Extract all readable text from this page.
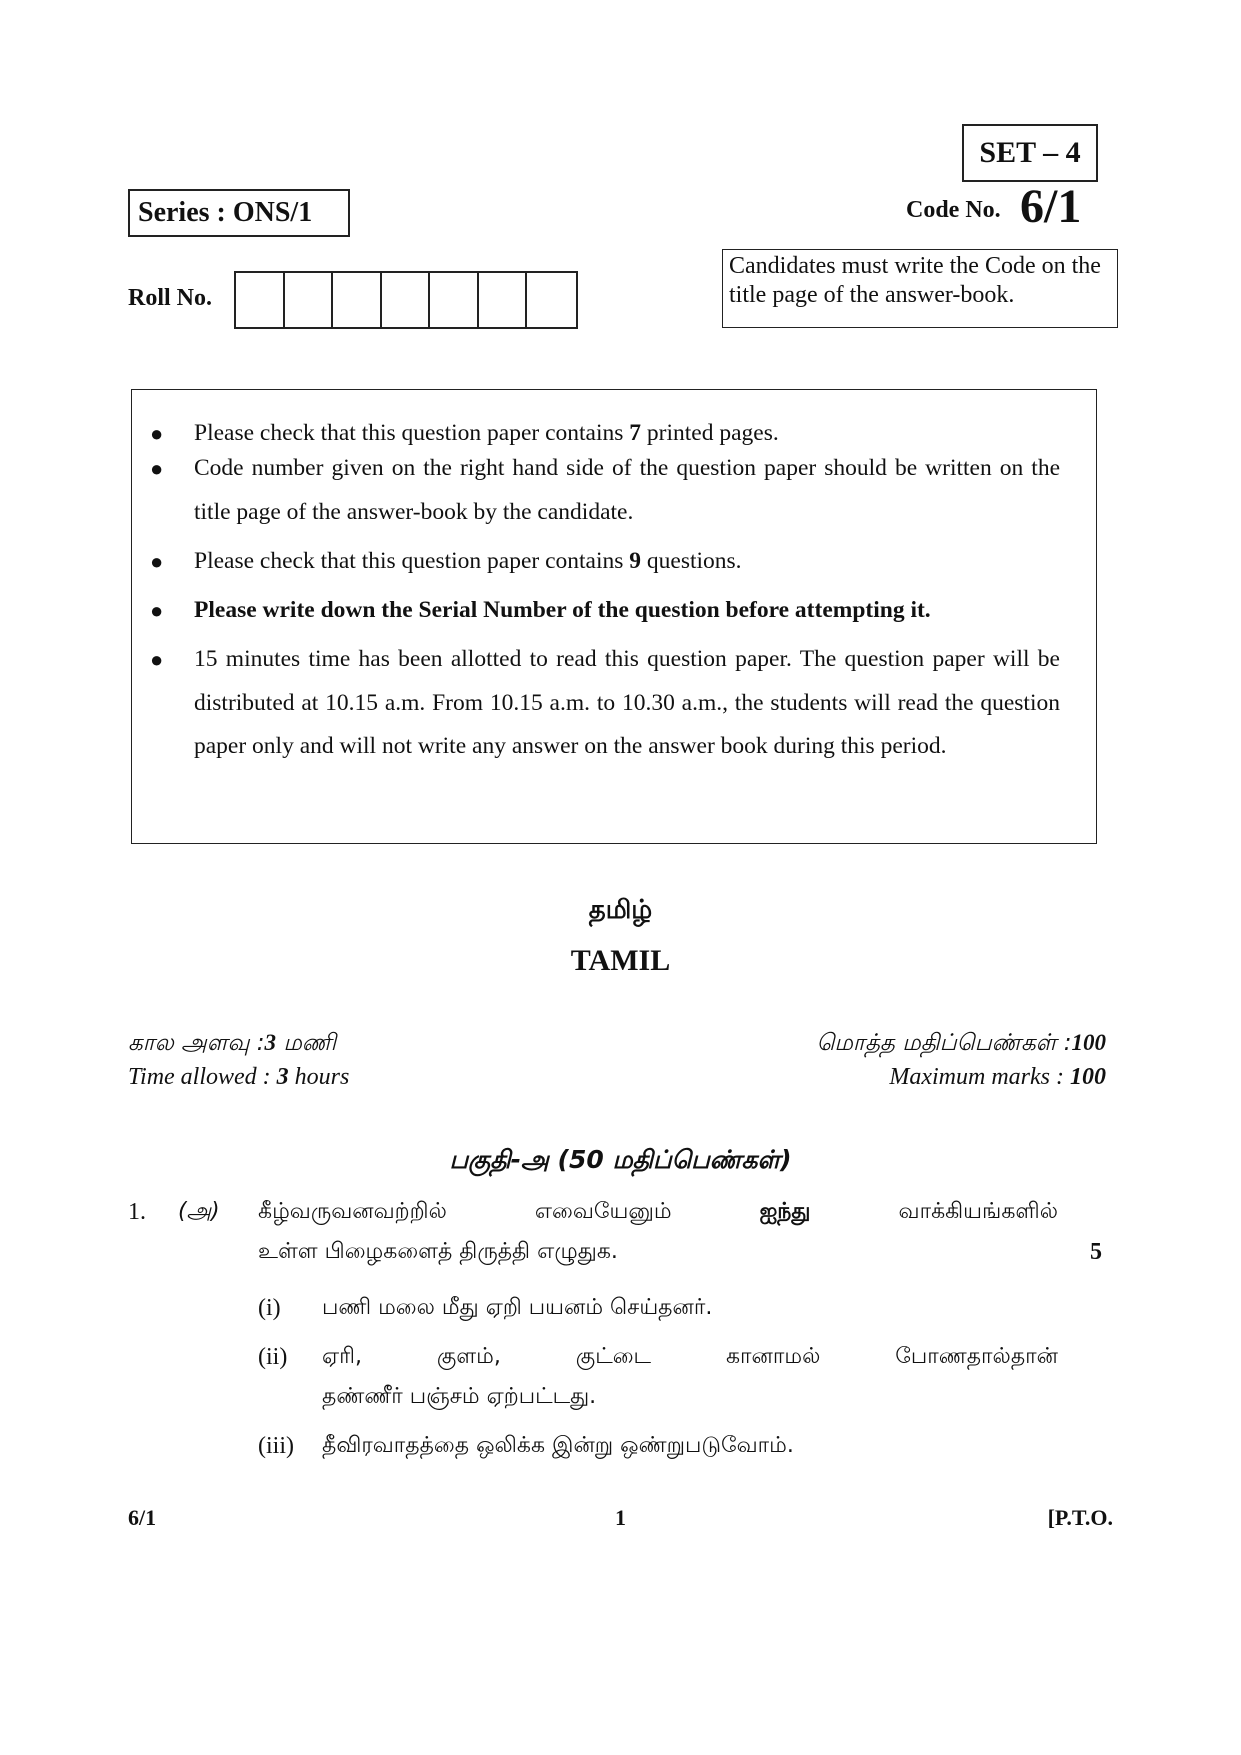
SET – 4
Series : ONS/1	Code No. 6/1
Roll No.
Candidates must write the Code on the title page of the answer-book.
● Please check that this question paper contains 7 printed pages.
● Code number given on the right hand side of the question paper should be written on the title page of the answer-book by the candidate.
● Please check that this question paper contains 9 questions.
● Please write down the Serial Number of the question before attempting it.
● 15 minutes time has been allotted to read this question paper. The question paper will be distributed at 10.15 a.m. From 10.15 a.m. to 10.30 a.m., the students will read the question paper only and will not write any answer on the answer book during this period.
தமிழ்
TAMIL
கால அளவு :3 மணி
Time allowed : 3 hours
மொத்த மதிப்பெண்கள் :100
Maximum marks : 100
பகுதி-அ (50 மதிப்பெண்கள்)
1. (அ) கீழ்வருவனவற்றில்	எவையேனும்	ஐந்து	வாக்கியங்களில்
உள்ள பிழைகளைத் திருத்தி எழுதுக.	5
(i) பணி மலை மீது ஏறி பயனம் செய்தனர்.
(ii) ஏரி,	குளம்,	குட்டை	கானாமல்	போணதால்தான்
தண்ணீர் பஞ்சம் ஏற்பட்டது.
(iii) தீவிரவாதத்தை ஒலிக்க இன்று ஒண்றுபடுவோம்.
6/1	1	[P.T.O.
